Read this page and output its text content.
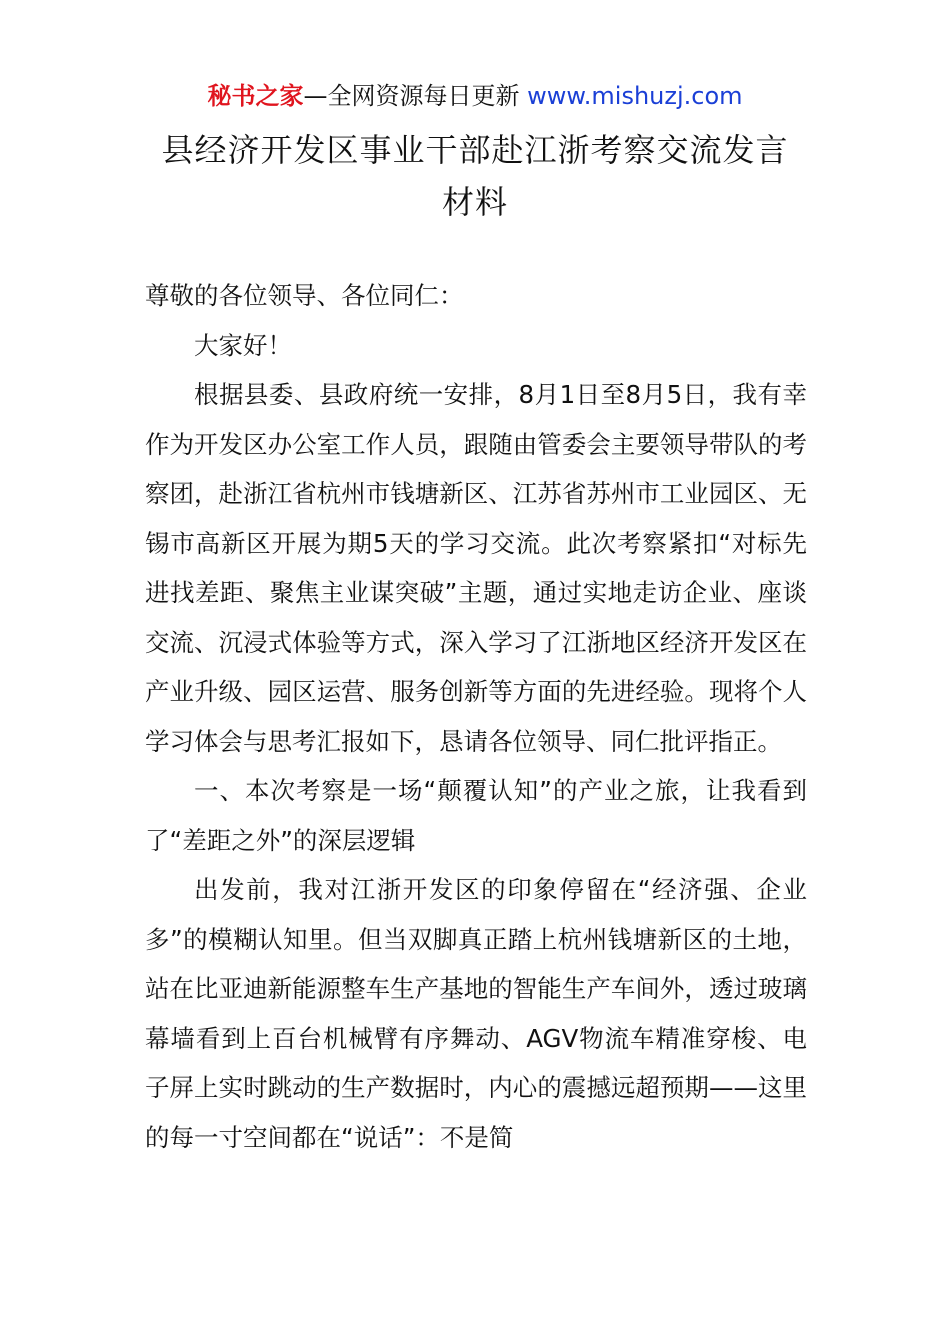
秘书之家—全网资源每日更新 www.mishuzj.com
县经济开发区事业干部赴江浙考察交流发言
材料

尊敬的各位领导、各位同仁：

大家好！

根据县委、县政府统一安排，8月1日至8月5日，我有幸作为开发区办公室工作人员，跟随由管委会主要领导带队的考察团，赴浙江省杭州市钱塘新区、江苏省苏州市工业园区、无锡市高新区开展为期5天的学习交流。此次考察紧扣“对标先进找差距、聚焦主业谋突破”主题，通过实地走访企业、座谈交流、沉浸式体验等方式，深入学习了江浙地区经济开发区在产业升级、园区运营、服务创新等方面的先进经验。现将个人学习体会与思考汇报如下，恳请各位领导、同仁批评指正。

一、本次考察是一场“颠覆认知”的产业之旅，让我看到了“差距之外”的深层逻辑

出发前，我对江浙开发区的印象停留在“经济强、企业多”的模糊认知里。但当双脚真正踏上杭州钱塘新区的土地，站在比亚迪新能源整车生产基地的智能生产车间外，透过玻璃幕墙看到上百台机械臂有序舞动、AGV物流车精准穿梭、电子屏上实时跳动的生产数据时，内心的震撼远超预期——这里的每一寸空间都在“说话”：不是简
